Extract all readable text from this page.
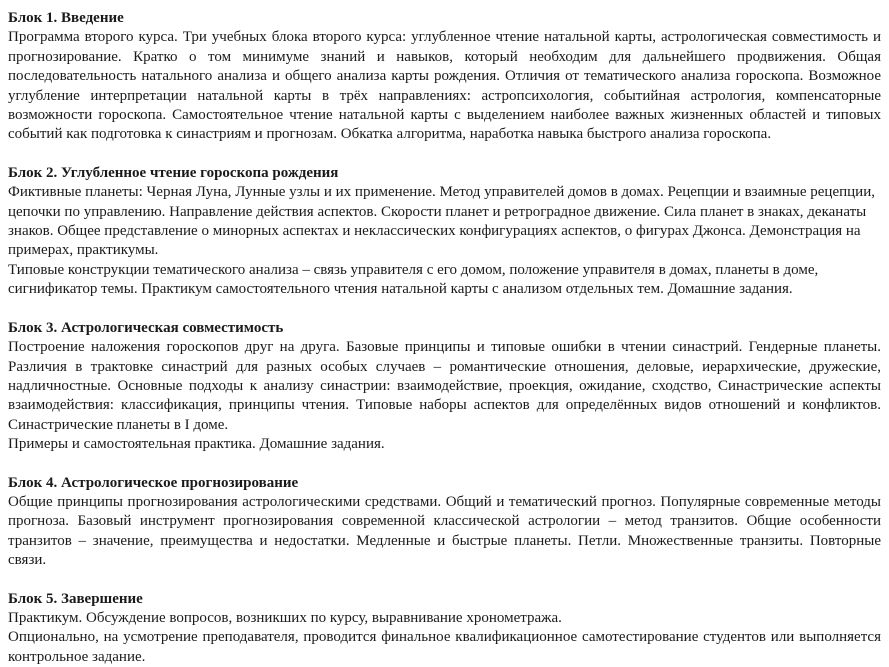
Блок 1. Введение

Программа второго курса. Три учебных блока второго курса: углубленное чтение натальной карты, астрологическая совместимость и прогнозирование. Кратко о том минимуме знаний и навыков, который необходим для дальнейшего продвижения. Общая последовательность натального анализа и общего анализа карты рождения. Отличия от тематического анализа гороскопа. Возможное углубление интерпретации натальной карты в трёх направлениях: астропсихология, событийная астрология, компенсаторные возможности гороскопа. Самостоятельное чтение натальной карты с выделением наиболее важных жизненных областей и типовых событий как подготовка к синастриям и прогнозам. Обкатка алгоритма, наработка навыка быстрого анализа гороскопа.

Блок 2. Углубленное чтение гороскопа рождения

Фиктивные планеты: Черная Луна, Лунные узлы и их применение. Метод управителей домов в домах. Рецепции и взаимные рецепции, цепочки по управлению. Направление действия аспектов. Скорости планет и ретроградное движение. Сила планет в знаках, деканаты знаков. Общее представление о минорных аспектах и неклассических конфигурациях аспектов, о фигурах Джонса. Демонстрация на примерах, практикумы.

Типовые конструкции тематического анализа – связь управителя с его домом, положение управителя в домах, планеты в доме, сигнификатор темы. Практикум самостоятельного чтения натальной карты с анализом отдельных тем. Домашние задания.

Блок 3. Астрологическая совместимость

Построение наложения гороскопов друг на друга. Базовые принципы и типовые ошибки в чтении синастрий. Гендерные планеты. Различия в трактовке синастрий для разных особых случаев – романтические отношения, деловые, иерархические, дружеские, надличностные. Основные подходы к анализу синастрии: взаимодействие, проекция, ожидание, сходство, Синастрические аспекты взаимодействия: классификация, принципы чтения. Типовые наборы аспектов для определённых видов отношений и конфликтов. Синастрические планеты в I доме.

Примеры и самостоятельная практика. Домашние задания.

Блок 4. Астрологическое прогнозирование

Общие принципы прогнозирования астрологическими средствами. Общий и тематический прогноз. Популярные современные методы прогноза. Базовый инструмент прогнозирования современной классической астрологии – метод транзитов. Общие особенности транзитов – значение, преимущества и недостатки. Медленные и быстрые планеты. Петли. Множественные транзиты. Повторные связи.

Блок 5. Завершение

Практикум. Обсуждение вопросов, возникших по курсу, выравнивание хронометража.

Опционально, на усмотрение преподавателя, проводится финальное квалификационное самотестирование студентов или выполняется контрольное задание.
